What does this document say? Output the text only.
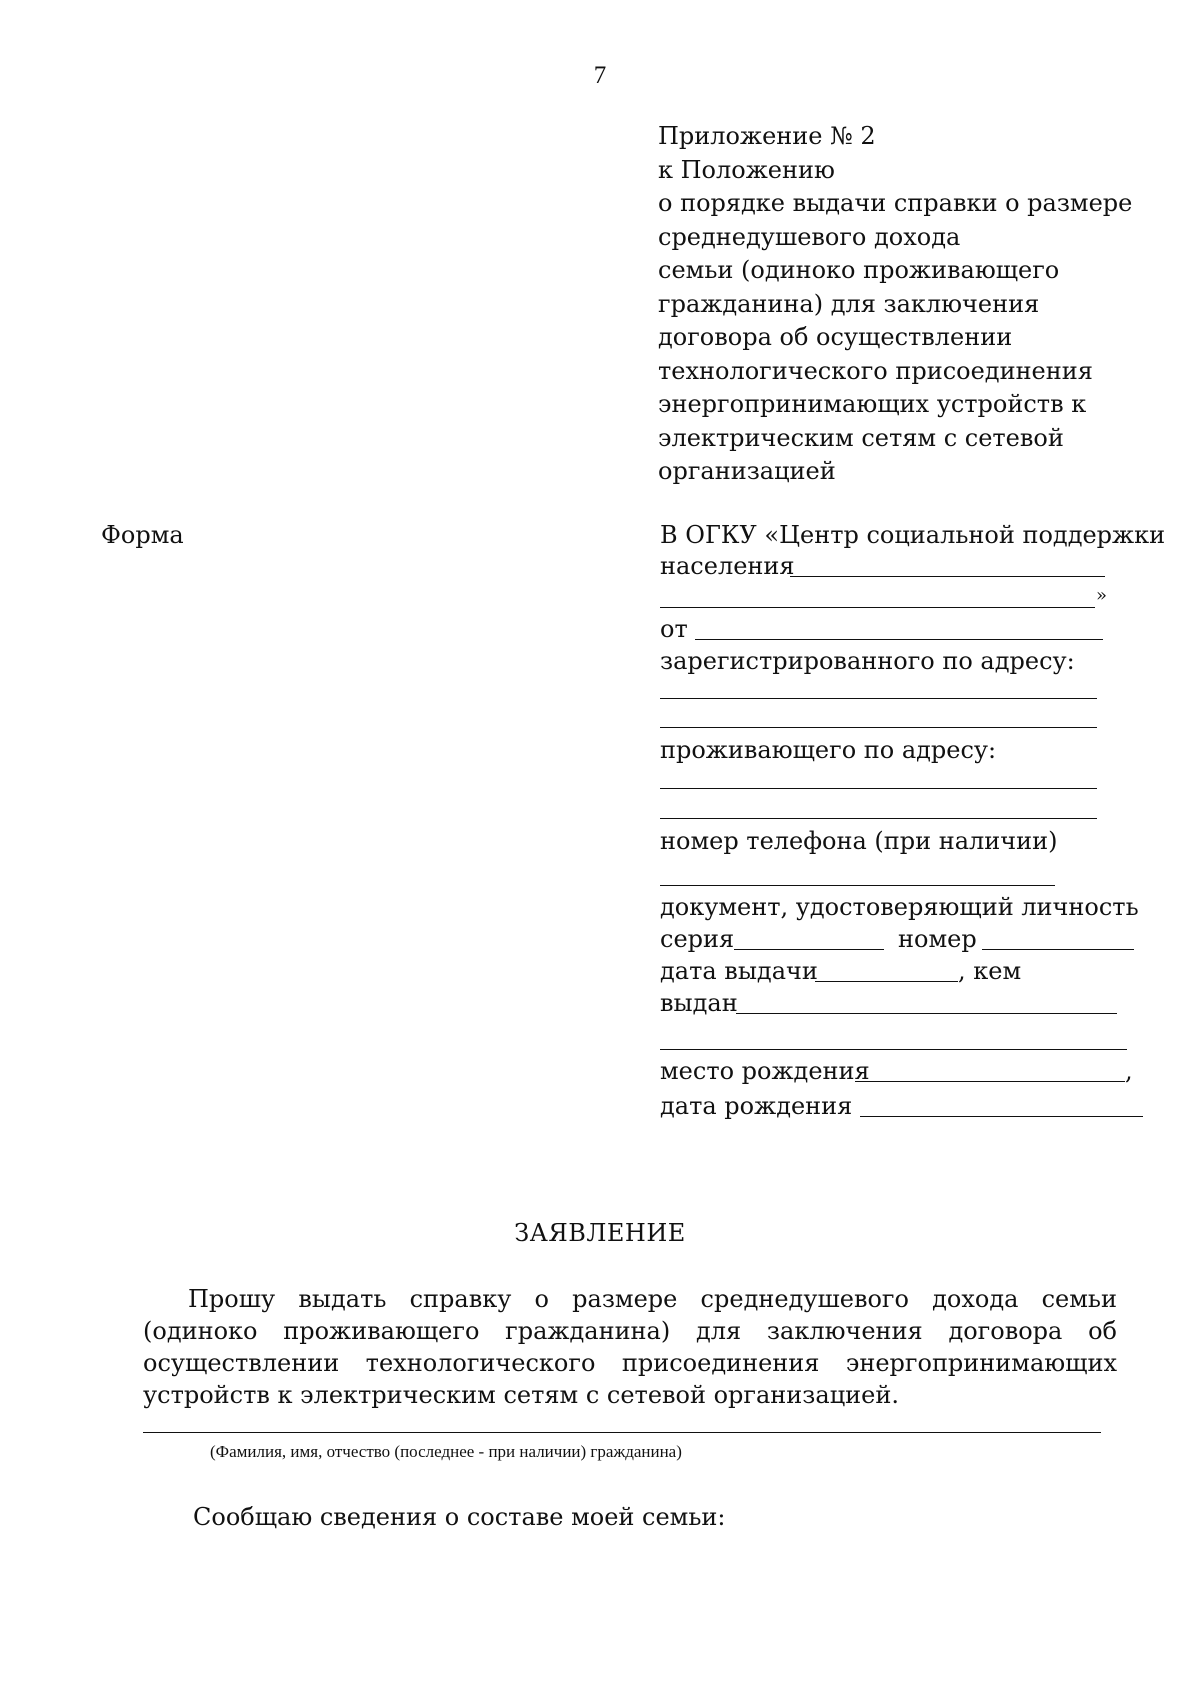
7
Приложение № 2
к Положению
о порядке выдачи справки о размере
среднедушевого дохода
семьи (одиноко проживающего
гражданина) для заключения
договора об осуществлении
технологического присоединения
энергопринимающих устройств к
электрическим сетям с сетевой
организацией
Форма	В ОГКУ «Центр социальной поддержки
населения
»
от
зарегистрированного по адресу:
проживающего по адресу:
номер телефона (при наличии)
документ, удостоверяющий личность
серия	номер
дата выдачи	, кем
выдан
место рождения	,
дата рождения
ЗАЯВЛЕНИЕ
Прошу выдать справку о размере среднедушевого дохода семьи (одиноко проживающего гражданина) для заключения договора об осуществлении технологического присоединения энергопринимающих устройств к электрическим сетям с сетевой организацией.
(Фамилия, имя, отчество (последнее - при наличии) гражданина)
Сообщаю сведения о составе моей семьи:
